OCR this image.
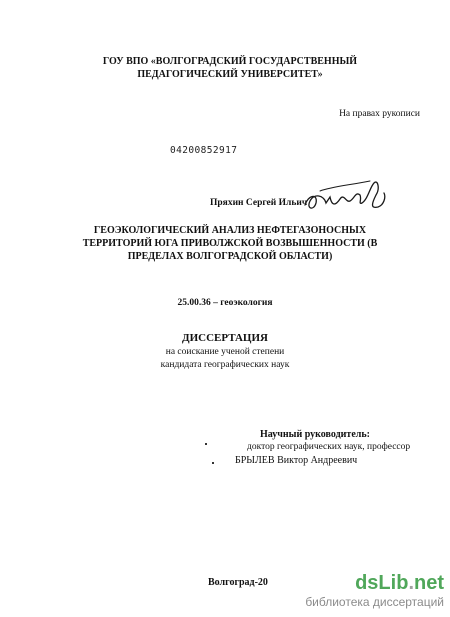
ГОУ ВПО «ВОЛГОГРАДСКИЙ ГОСУДАРСТВЕННЫЙ ПЕДАГОГИЧЕСКИЙ УНИВЕРСИТЕТ»
На правах рукописи
04200852917
Пряхин Сергей Ильич
ГЕОЭКОЛОГИЧЕСКИЙ АНАЛИЗ НЕФТЕГАЗОНОСНЫХ ТЕРРИТОРИЙ ЮГА ПРИВОЛЖСКОЙ ВОЗВЫШЕННОСТИ (В ПРЕДЕЛАХ ВОЛГОГРАДСКОЙ ОБЛАСТИ)
25.00.36 – геоэкология
ДИССЕРТАЦИЯ
на соискание ученой степени
кандидата географических наук
Научный руководитель:
доктор географических наук, профессор
БРЫЛЕВ Виктор Андреевич
Волгоград-20	dsLib.net
библиотека диссертаций
